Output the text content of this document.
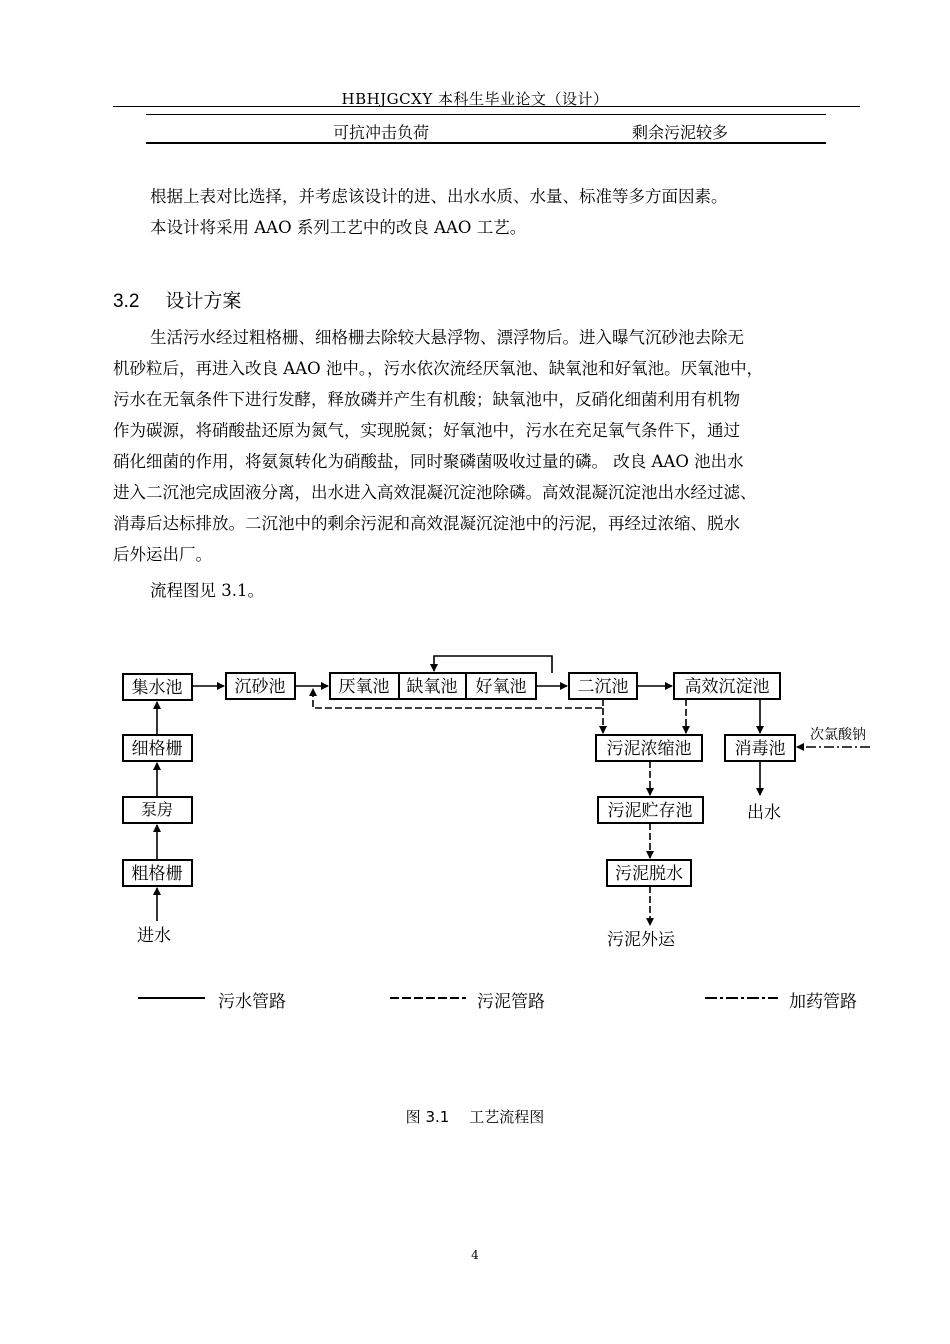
HBHJGCXY 本科生毕业论文（设计）
可抗冲击负荷	剩余污泥较多
根据上表对比选择，并考虑该设计的进、出水水质、水量、标准等多方面因素。
本设计将采用 AAO 系列工艺中的改良 AAO 工艺。
3.2 设计方案
生活污水经过粗格栅、细格栅去除较大悬浮物、漂浮物后。进入曝气沉砂池去除无
机砂粒后，再进入改良 AAO 池中。，污水依次流经厌氧池、缺氧池和好氧池。厌氧池中，
污水在无氧条件下进行发酵，释放磷并产生有机酸；缺氧池中，反硝化细菌利用有机物
作为碳源，将硝酸盐还原为氮气，实现脱氮；好氧池中，污水在充足氧气条件下，通过
硝化细菌的作用，将氨氮转化为硝酸盐，同时聚磷菌吸收过量的磷。 改良 AAO 池出水
进入二沉池完成固液分离，出水进入高效混凝沉淀池除磷。高效混凝沉淀池出水经过滤、
消毒后达标排放。二沉池中的剩余污泥和高效混凝沉淀池中的污泥，再经过浓缩、脱水
后外运出厂。
流程图见 3.1。
集水池	沉砂池	厌氧池 缺氧池 好氧池	二沉池	高效沉淀池
细格栅
泵房
粗格栅
污泥浓缩池	消毒池
污泥贮存池
污泥脱水
进水
出水
污泥外运
次氯酸钠
污水管路	污泥管路	加药管路
图 3.1 工艺流程图
4
